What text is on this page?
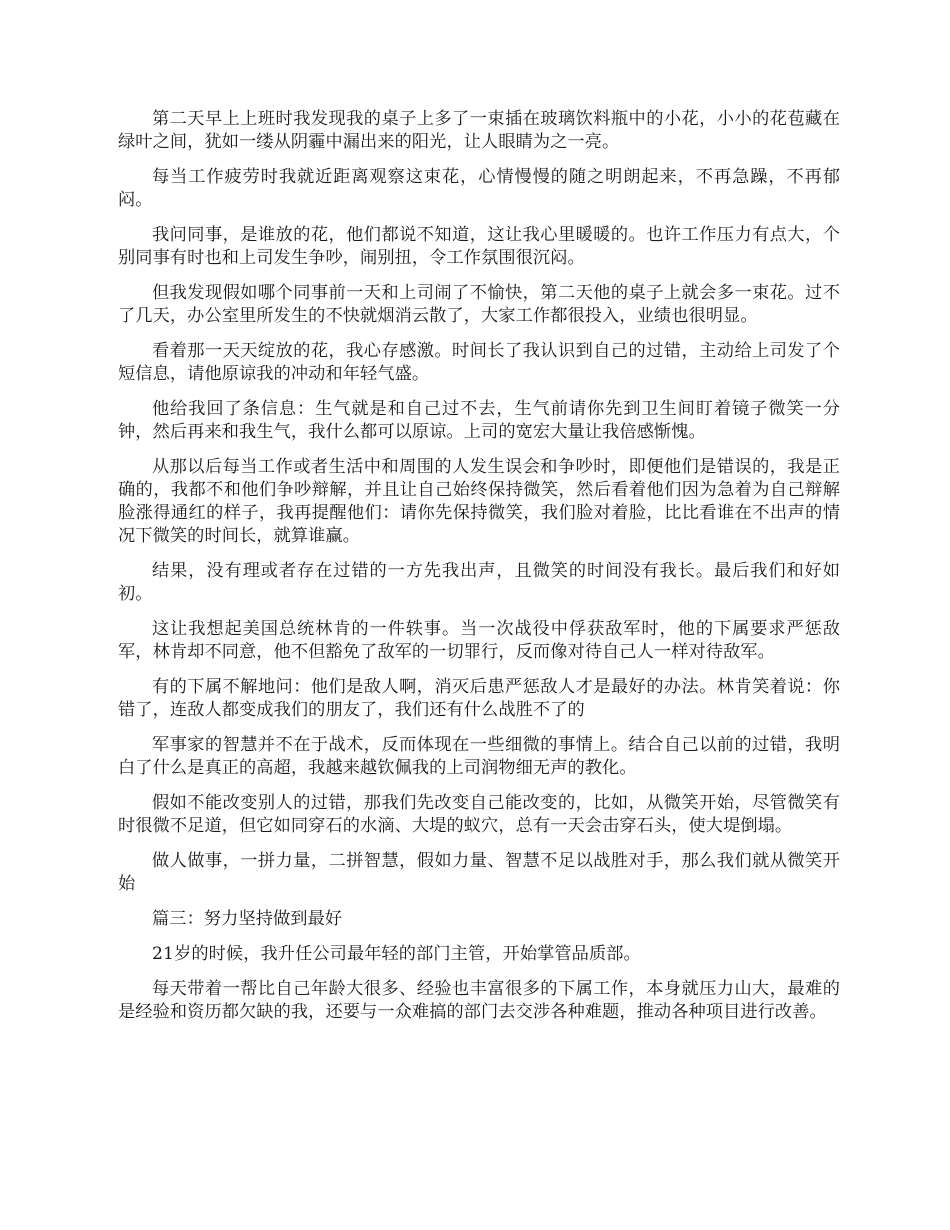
第二天早上上班时我发现我的桌子上多了一束插在玻璃饮料瓶中的小花，小小的花苞藏在绿叶之间，犹如一缕从阴霾中漏出来的阳光，让人眼睛为之一亮。

每当工作疲劳时我就近距离观察这束花，心情慢慢的随之明朗起来，不再急躁，不再郁闷。

我问同事，是谁放的花，他们都说不知道，这让我心里暖暖的。也许工作压力有点大，个别同事有时也和上司发生争吵，闹别扭，令工作氛围很沉闷。

但我发现假如哪个同事前一天和上司闹了不愉快，第二天他的桌子上就会多一束花。过不了几天，办公室里所发生的不快就烟消云散了，大家工作都很投入，业绩也很明显。

看着那一天天绽放的花，我心存感激。时间长了我认识到自己的过错，主动给上司发了个短信息，请他原谅我的冲动和年轻气盛。

他给我回了条信息：生气就是和自己过不去，生气前请你先到卫生间盯着镜子微笑一分钟，然后再来和我生气，我什么都可以原谅。上司的宽宏大量让我倍感惭愧。

从那以后每当工作或者生活中和周围的人发生误会和争吵时，即便他们是错误的，我是正确的，我都不和他们争吵辩解，并且让自己始终保持微笑，然后看着他们因为急着为自己辩解脸涨得通红的样子，我再提醒他们：请你先保持微笑，我们脸对着脸，比比看谁在不出声的情况下微笑的时间长，就算谁赢。

结果，没有理或者存在过错的一方先我出声，且微笑的时间没有我长。最后我们和好如初。

这让我想起美国总统林肯的一件轶事。当一次战役中俘获敌军时，他的下属要求严惩敌军，林肯却不同意，他不但豁免了敌军的一切罪行，反而像对待自己人一样对待敌军。

有的下属不解地问：他们是敌人啊，消灭后患严惩敌人才是最好的办法。林肯笑着说：你错了，连敌人都变成我们的朋友了，我们还有什么战胜不了的

军事家的智慧并不在于战术，反而体现在一些细微的事情上。结合自己以前的过错，我明白了什么是真正的高超，我越来越钦佩我的上司润物细无声的教化。

假如不能改变别人的过错，那我们先改变自己能改变的，比如，从微笑开始，尽管微笑有时很微不足道，但它如同穿石的水滴、大堤的蚁穴，总有一天会击穿石头，使大堤倒塌。

做人做事，一拼力量，二拼智慧，假如力量、智慧不足以战胜对手，那么我们就从微笑开始

篇三：努力坚持做到最好

21岁的时候，我升任公司最年轻的部门主管，开始掌管品质部。

每天带着一帮比自己年龄大很多、经验也丰富很多的下属工作，本身就压力山大，最难的是经验和资历都欠缺的我，还要与一众难搞的部门去交涉各种难题，推动各种项目进行改善。
